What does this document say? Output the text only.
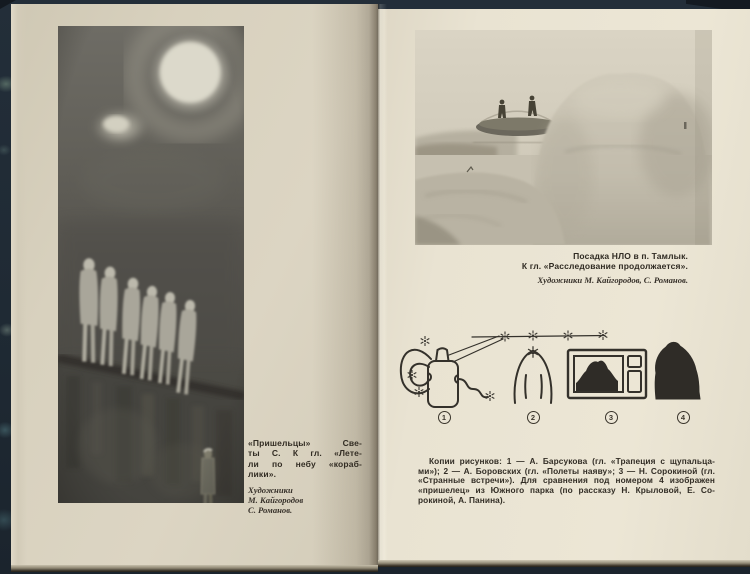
«Пришельцы» Све-
ты С. К гл. «Лете-
ли по небу «кораб-
лики».
Художники
М. Кайгородов
С. Романов.
Посадка НЛО в п. Тамлык.
К гл. «Расследование продолжается».
Художники М. Кайгородов, С. Романов.
1	2	3	4
Копии рисунков: 1 — А. Барсукова (гл. «Трапеция с щупальца-
ми»); 2 — А. Боровских (гл. «Полеты наяву»; 3 — Н. Сорокиной (гл.
«Странные встречи»). Для сравнения под номером 4 изображен
«пришелец» из Южного парка (по рассказу Н. Крыловой, Е. Со-
рокиной, А. Панина).
